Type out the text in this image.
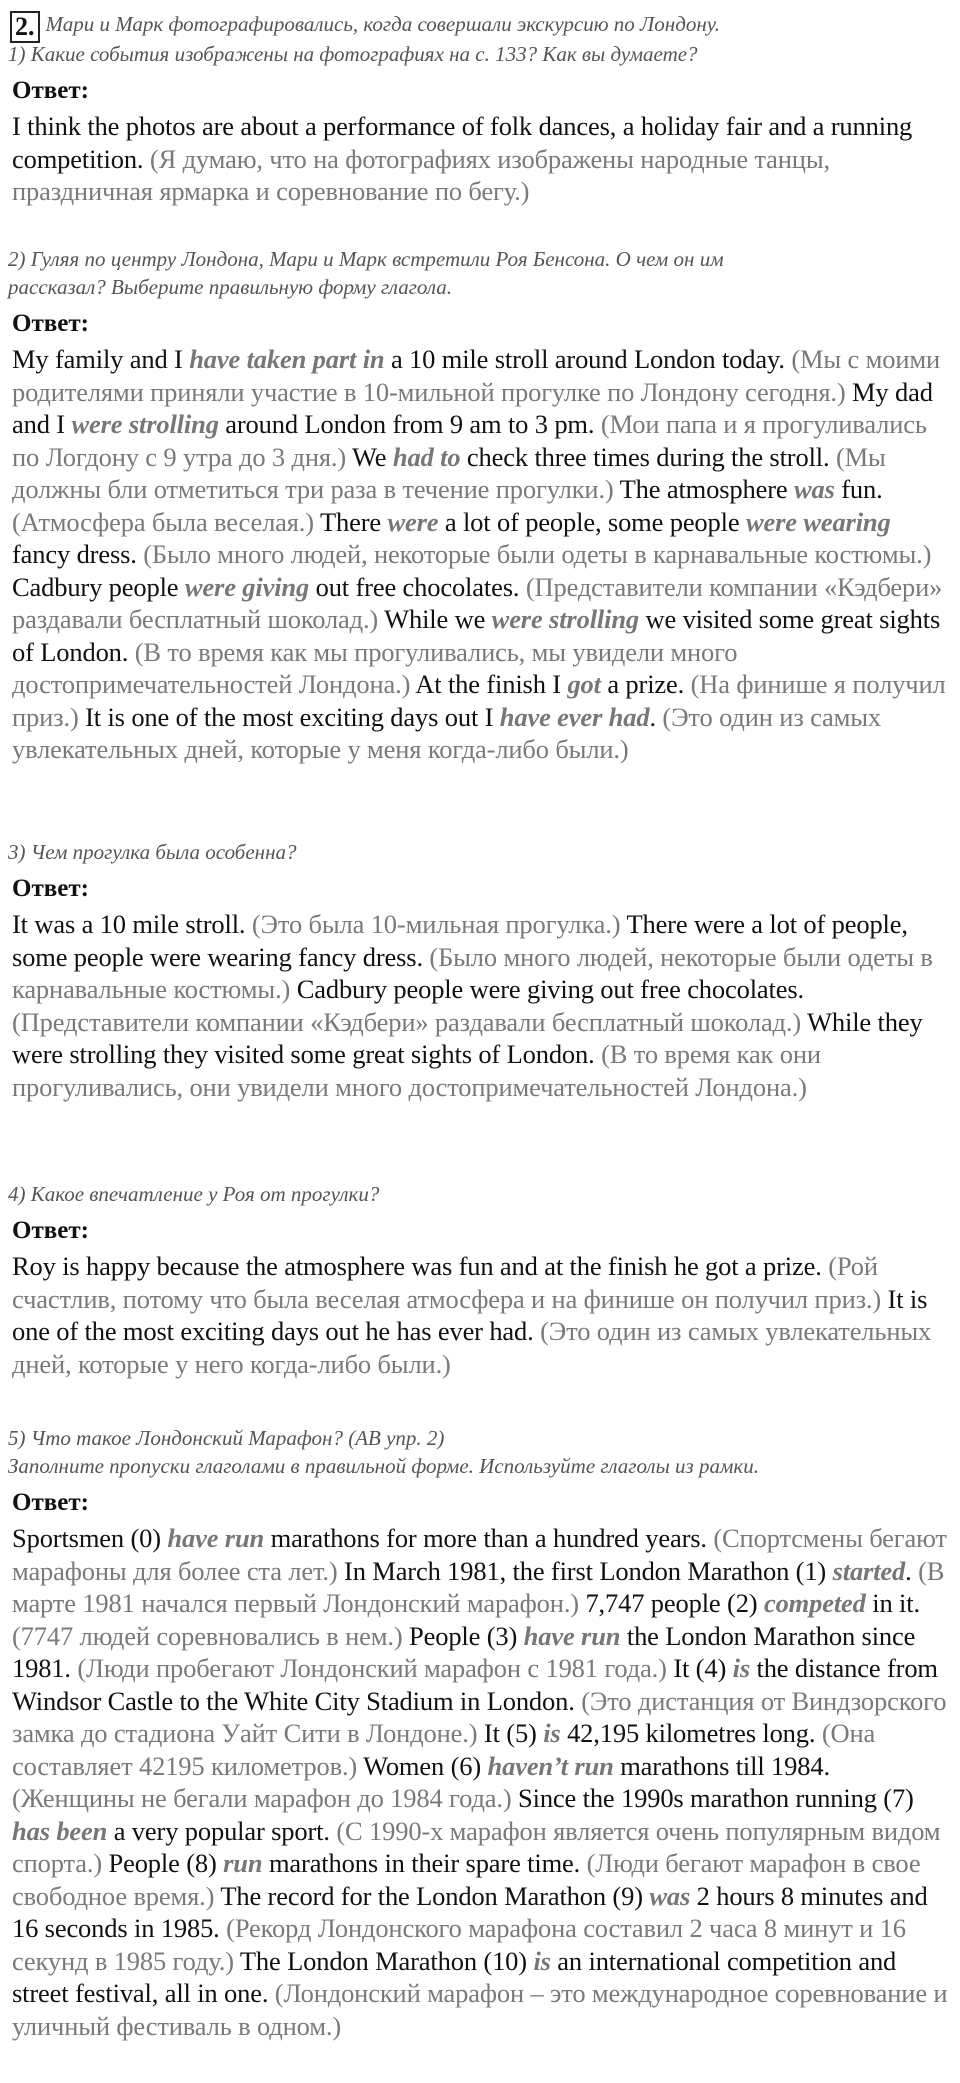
2. Мари и Марк фотографировались, когда совершали экскурсию по Лондону.
1) Какие события изображены на фотографиях на с. 133? Как вы думаете?
Ответ:
I think the photos are about a performance of folk dances, a holiday fair and a running competition. (Я думаю, что на фотографиях изображены народные танцы, праздничная ярмарка и соревнование по бегу.)
2) Гуляя по центру Лондона, Мари и Марк встретили Роя Бенсона. О чем он им
рассказал? Выберите правильную форму глагола.
Ответ:
My family and I have taken part in a 10 mile stroll around London today. (Мы с моими родителями приняли участие в 10-мильной прогулке по Лондону сегодня.) My dad and I were strolling around London from 9 am to 3 pm. (Мои папа и я прогуливались по Логдону с 9 утра до 3 дня.) We had to check three times during the stroll. (Мы должны бли отметиться три раза в течение прогулки.) The atmosphere was fun. (Атмосфера была веселая.) There were a lot of people, some people were wearing fancy dress. (Было много людей, некоторые были одеты в карнавальные костюмы.) Cadbury people were giving out free chocolates. (Представители компании «Кэдбери» раздавали бесплатный шоколад.) While we were strolling we visited some great sights of London. (В то время как мы прогуливались, мы увидели много достопримечательностей Лондона.) At the finish I got a prize. (На финише я получил приз.) It is one of the most exciting days out I have ever had. (Это один из самых увлекательных дней, которые у меня когда-либо были.)
3) Чем прогулка была особенна?
Ответ:
It was a 10 mile stroll. (Это была 10-мильная прогулка.) There were a lot of people, some people were wearing fancy dress. (Было много людей, некоторые были одеты в карнавальные костюмы.) Cadbury people were giving out free chocolates. (Представители компании «Кэдбери» раздавали бесплатный шоколад.) While they were strolling they visited some great sights of London. (В то время как они прогуливались, они увидели много достопримечательностей Лондона.)
4) Какое впечатление у Роя от прогулки?
Ответ:
Roy is happy because the atmosphere was fun and at the finish he got a prize. (Рой счастлив, потому что была веселая атмосфера и на финише он получил приз.) It is one of the most exciting days out he has ever had. (Это один из самых увлекательных дней, которые у него когда-либо были.)
5) Что такое Лондонский Марафон? (АВ упр. 2)
Заполните пропуски глаголами в правильной форме. Используйте глаголы из рамки.
Ответ:
Sportsmen (0) have run marathons for more than a hundred years. (Спортсмены бегают марафоны для более ста лет.) In March 1981, the first London Marathon (1) started. (В марте 1981 начался первый Лондонский марафон.) 7,747 people (2) competed in it. (7747 людей соревновались в нем.) People (3) have run the London Marathon since 1981. (Люди пробегают Лондонский марафон с 1981 года.) It (4) is the distance from Windsor Castle to the White City Stadium in London. (Это дистанция от Виндзорского замка до стадиона Уайт Сити в Лондоне.) It (5) is 42,195 kilometres long. (Она составляет 42195 километров.) Women (6) haven’t run marathons till 1984. (Женщины не бегали марафон до 1984 года.) Since the 1990s marathon running (7) has been a very popular sport. (С 1990-х марафон является очень популярным видом спорта.) People (8) run marathons in their spare time. (Люди бегают марафон в свое свободное время.) The record for the London Marathon (9) was 2 hours 8 minutes and 16 seconds in 1985. (Рекорд Лондонского марафона составил 2 часа 8 минут и 16 секунд в 1985 году.) The London Marathon (10) is an international competition and street festival, all in one. (Лондонский марафон – это международное соревнование и уличный фестиваль в одном.)
